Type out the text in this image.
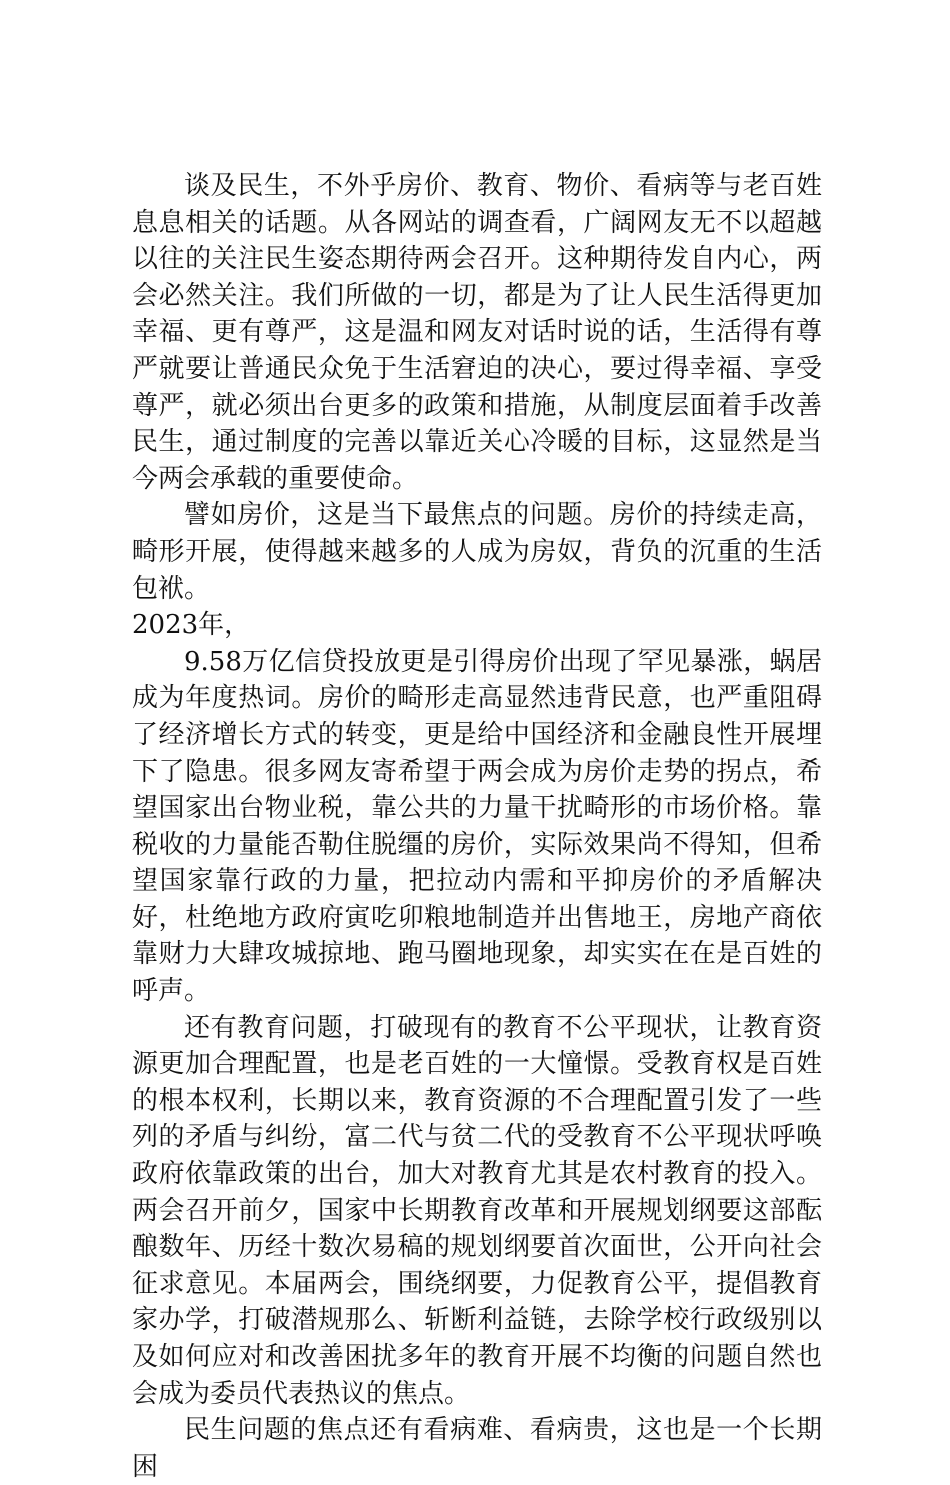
谈及民生，不外乎房价、教育、物价、看病等与老百姓息息相关的话题。从各网站的调查看，广阔网友无不以超越以往的关注民生姿态期待两会召开。这种期待发自内心，两会必然关注。我们所做的一切，都是为了让人民生活得更加幸福、更有尊严，这是温和网友对话时说的话，生活得有尊严就要让普通民众免于生活窘迫的决心，要过得幸福、享受尊严，就必须出台更多的政策和措施，从制度层面着手改善民生，通过制度的完善以靠近关心冷暖的目标，这显然是当今两会承载的重要使命。

譬如房价，这是当下最焦点的问题。房价的持续走高，畸形开展，使得越来越多的人成为房奴，背负的沉重的生活包袱。

2023年，

9.58万亿信贷投放更是引得房价出现了罕见暴涨，蜗居成为年度热词。房价的畸形走高显然违背民意，也严重阻碍了经济增长方式的转变，更是给中国经济和金融良性开展埋下了隐患。很多网友寄希望于两会成为房价走势的拐点，希望国家出台物业税，靠公共的力量干扰畸形的市场价格。靠税收的力量能否勒住脱缰的房价，实际效果尚不得知，但希望国家靠行政的力量，把拉动内需和平抑房价的矛盾解决好，杜绝地方政府寅吃卯粮地制造并出售地王，房地产商依靠财力大肆攻城掠地、跑马圈地现象，却实实在在是百姓的呼声。

还有教育问题，打破现有的教育不公平现状，让教育资源更加合理配置，也是老百姓的一大憧憬。受教育权是百姓的根本权利，长期以来，教育资源的不合理配置引发了一些列的矛盾与纠纷，富二代与贫二代的受教育不公平现状呼唤政府依靠政策的出台，加大对教育尤其是农村教育的投入。两会召开前夕，国家中长期教育改革和开展规划纲要这部酝酿数年、历经十数次易稿的规划纲要首次面世，公开向社会征求意见。本届两会，围绕纲要，力促教育公平，提倡教育家办学，打破潜规那么、斩断利益链，去除学校行政级别以及如何应对和改善困扰多年的教育开展不均衡的问题自然也会成为委员代表热议的焦点。

民生问题的焦点还有看病难、看病贵，这也是一个长期困
